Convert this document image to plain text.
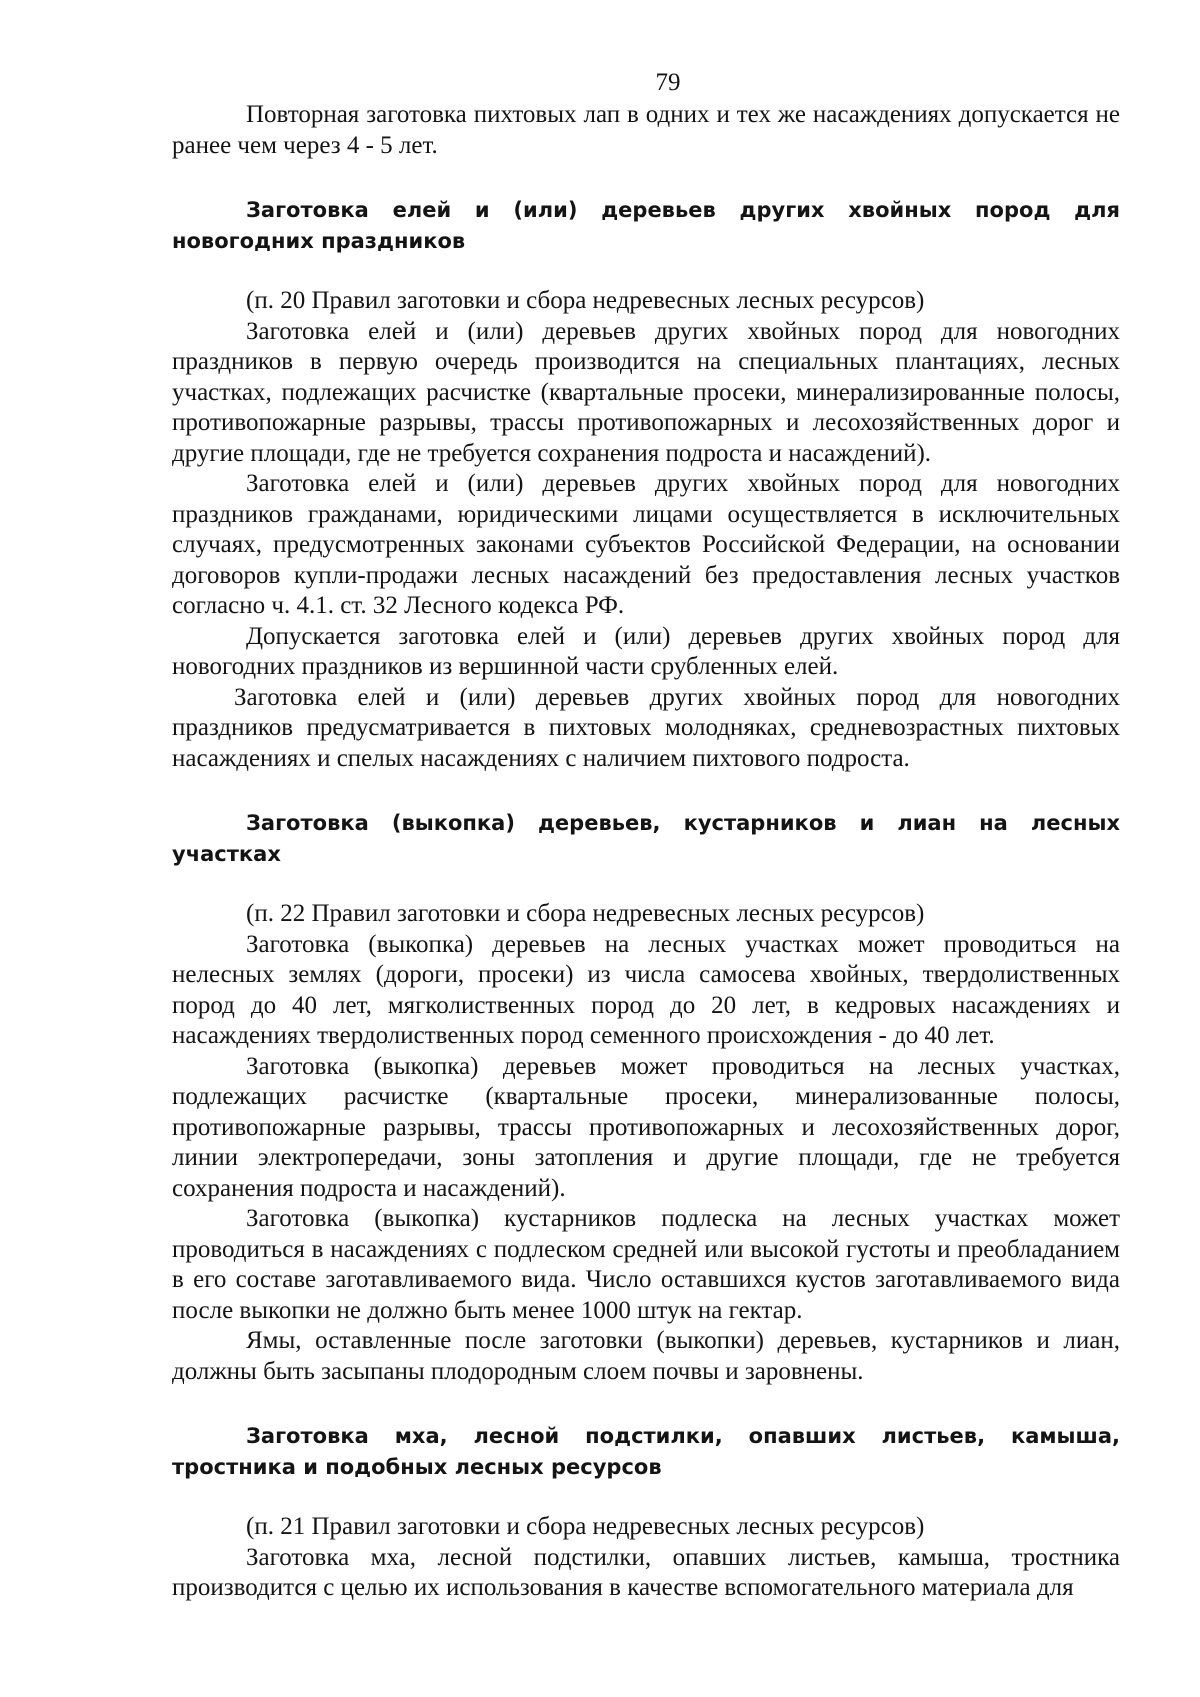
79

Повторная заготовка пихтовых лап в одних и тех же насаждениях допускается не ранее чем через 4 - 5 лет.

Заготовка елей и (или) деревьев других хвойных пород для новогодних праздников

(п. 20 Правил заготовки и сбора недревесных лесных ресурсов)

Заготовка елей и (или) деревьев других хвойных пород для новогодних праздников в первую очередь производится на специальных плантациях, лесных участках, подлежащих расчистке (квартальные просеки, минерализированные полосы, противопожарные разрывы, трассы противопожарных и лесохозяйственных дорог и другие площади, где не требуется сохранения подроста и насаждений).

Заготовка елей и (или) деревьев других хвойных пород для новогодних праздников гражданами, юридическими лицами осуществляется в исключительных случаях, предусмотренных законами субъектов Российской Федерации, на основании договоров купли-продажи лесных насаждений без предоставления лесных участков согласно ч. 4.1. ст. 32 Лесного кодекса РФ.

Допускается заготовка елей и (или) деревьев других хвойных пород для новогодних праздников из вершинной части срубленных елей.

Заготовка елей и (или) деревьев других хвойных пород для новогодних праздников предусматривается в пихтовых молодняках, средневозрастных пихтовых насаждениях и спелых насаждениях с наличием пихтового подроста.

Заготовка (выкопка) деревьев, кустарников и лиан на лесных участках

(п. 22 Правил заготовки и сбора недревесных лесных ресурсов)

Заготовка (выкопка) деревьев на лесных участках может проводиться на нелесных землях (дороги, просеки) из числа самосева хвойных, твердолиственных пород до 40 лет, мягколиственных пород до 20 лет, в кедровых насаждениях и насаждениях твердолиственных пород семенного происхождения - до 40 лет.

Заготовка (выкопка) деревьев может проводиться на лесных участках, подлежащих расчистке (квартальные просеки, минерализованные полосы, противопожарные разрывы, трассы противопожарных и лесохозяйственных дорог, линии электропередачи, зоны затопления и другие площади, где не требуется сохранения подроста и насаждений).

Заготовка (выкопка) кустарников подлеска на лесных участках может проводиться в насаждениях с подлеском средней или высокой густоты и преобладанием в его составе заготавливаемого вида. Число оставшихся кустов заготавливаемого вида после выкопки не должно быть менее 1000 штук на гектар.

Ямы, оставленные после заготовки (выкопки) деревьев, кустарников и лиан, должны быть засыпаны плодородным слоем почвы и заровнены.

Заготовка мха, лесной подстилки, опавших листьев, камыша, тростника и подобных лесных ресурсов

(п. 21 Правил заготовки и сбора недревесных лесных ресурсов)

Заготовка мха, лесной подстилки, опавших листьев, камыша, тростника производится с целью их использования в качестве вспомогательного материала для
